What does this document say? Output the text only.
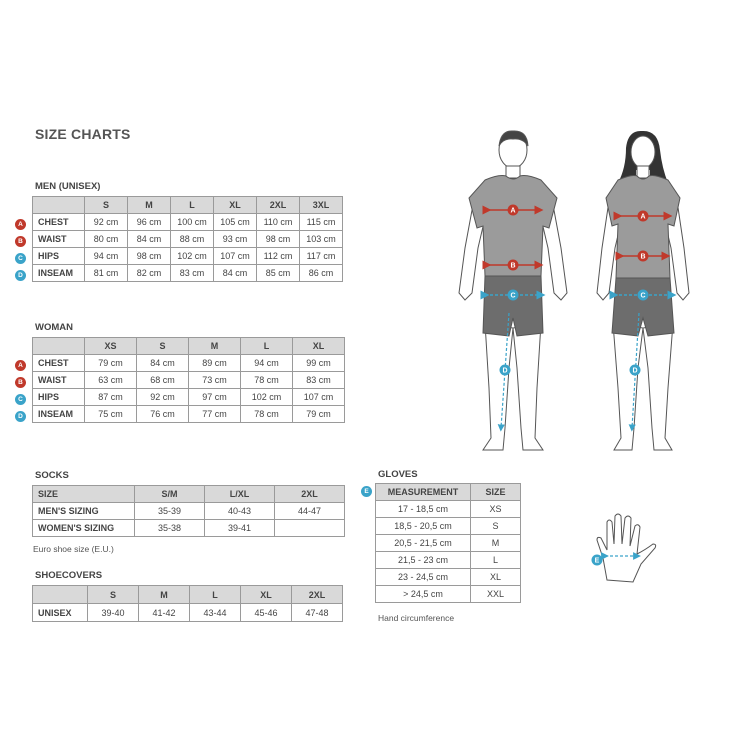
SIZE CHARTS
MEN (UNISEX)
	S	M	L	XL	2XL	3XL
CHEST	92 cm	96 cm	100 cm	105 cm	110 cm	115 cm
WAIST	80 cm	84 cm	88 cm	93 cm	98 cm	103 cm
HIPS	94 cm	98 cm	102 cm	107 cm	112 cm	117 cm
INSEAM	81 cm	82 cm	83 cm	84 cm	85 cm	86 cm
A
B
C
D
WOMAN
	XS	S	M	L	XL
CHEST	79 cm	84 cm	89 cm	94 cm	99 cm
WAIST	63 cm	68 cm	73 cm	78 cm	83 cm
HIPS	87 cm	92 cm	97 cm	102 cm	107 cm
INSEAM	75 cm	76 cm	77 cm	78 cm	79 cm
A
B
C
D
SOCKS
SIZE	S/M	L/XL	2XL
MEN'S SIZING	35-39	40-43	44-47
WOMEN'S SIZING	35-38	39-41	
Euro shoe size (E.U.)
SHOECOVERS
	S	M	L	XL	2XL
UNISEX	39-40	41-42	43-44	45-46	47-48
GLOVES
E	MEASUREMENT	SIZE
17 - 18,5 cm	XS
18,5 - 20,5 cm	S
20,5 - 21,5 cm	M
21,5 - 23 cm	L
23 - 24,5 cm	XL
> 24,5 cm	XXL
Hand circumference
A
B
C
D
A
B
C
D
E
